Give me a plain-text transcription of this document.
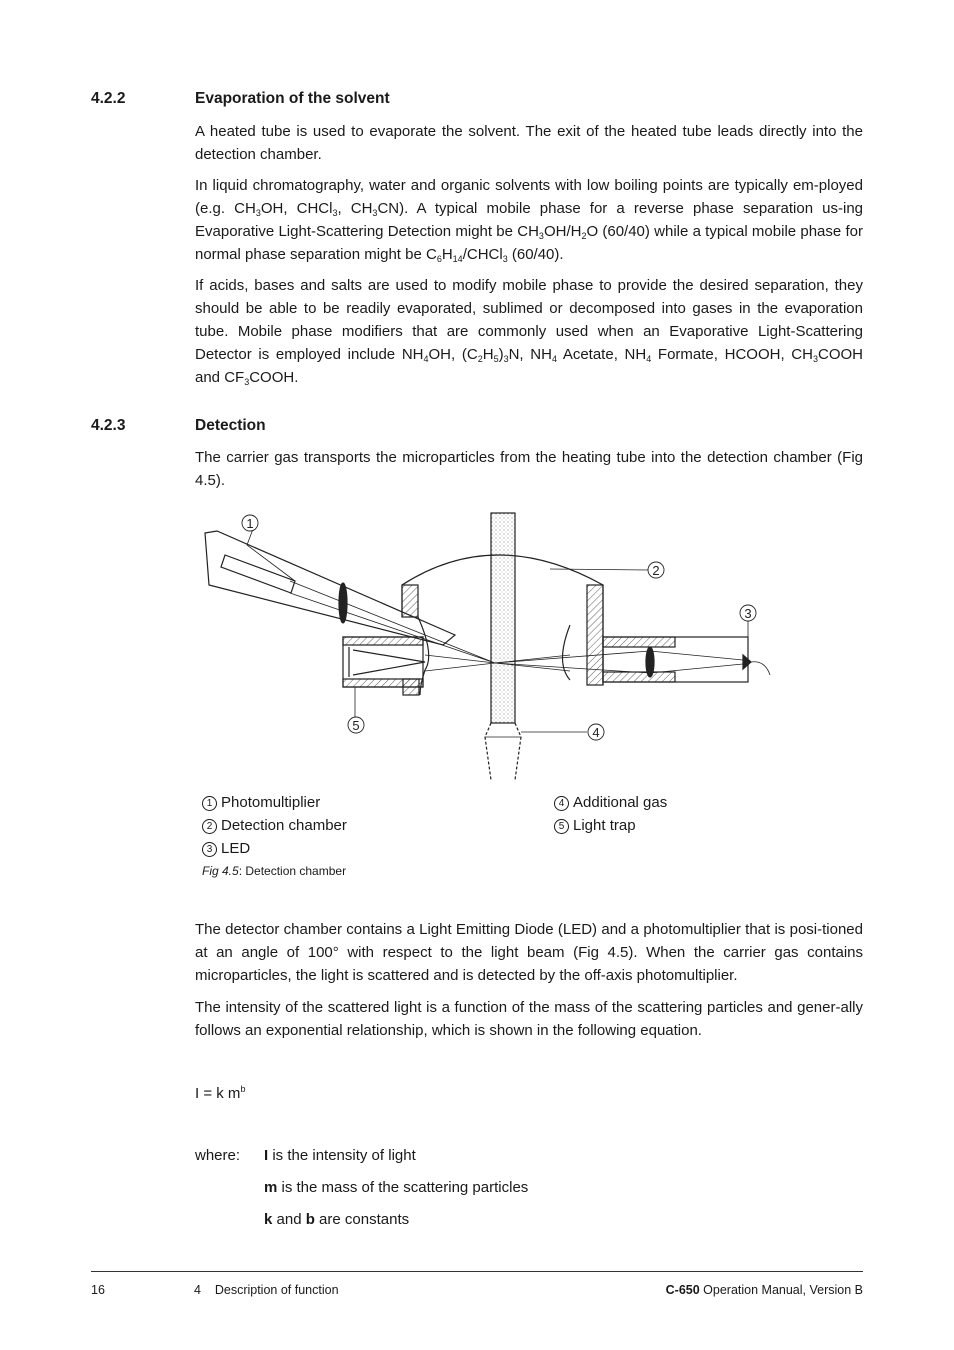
4.2.2	Evaporation of the solvent

A heated tube is used to evaporate the solvent. The exit of the heated tube leads directly into the detection chamber.

In liquid chromatography, water and organic solvents with low boiling points are typically em-ployed (e.g. $CH_3OH$, CHCl$_3$, $CH_3CN$). A typical mobile phase for a reverse phase separation us-ing Evaporative Light-Scattering Detection might be $CH_3OH/H_2O$ (60/40) while a typical mobile phase for normal phase separation might be $C_6H_{14}/CHCl_3$ (60/40).

If acids, bases and salts are used to modify mobile phase to provide the desired separation, they should be able to be readily evaporated, sublimed or decomposed into gases in the evaporation tube. Mobile phase modifiers that are commonly used when an Evaporative Light-Scattering Detector is employed include $NH_4OH$, $(C_2H_5)_3N$, $NH_4$ Acetate, $NH_4$ Formate, HCOOH, $CH_3COOH$ and $CF_3COOH$.

4.2.3	Detection

The carrier gas transports the microparticles from the heating tube into the detection chamber (Fig 4.5).

1
2
3
4
5
1 Photomultiplier
2 Detection chamber
3 LED
4 Additional gas
5 Light trap
Fig 4.5: Detection chamber

The detector chamber contains a Light Emitting Diode (LED) and a photomultiplier that is posi-tioned at an angle of 100° with respect to the light beam (Fig 4.5). When the carrier gas contains microparticles, the light is scattered and is detected by the off-axis photomultiplier.

The intensity of the scattered light is a function of the mass of the scattering particles and gener-ally follows an exponential relationship, which is shown in the following equation.

I = k $m^b$
where: I is the intensity of light
m is the mass of the scattering particles
k and b are constants
16	4    Description of function	C-650 Operation Manual, Version B
